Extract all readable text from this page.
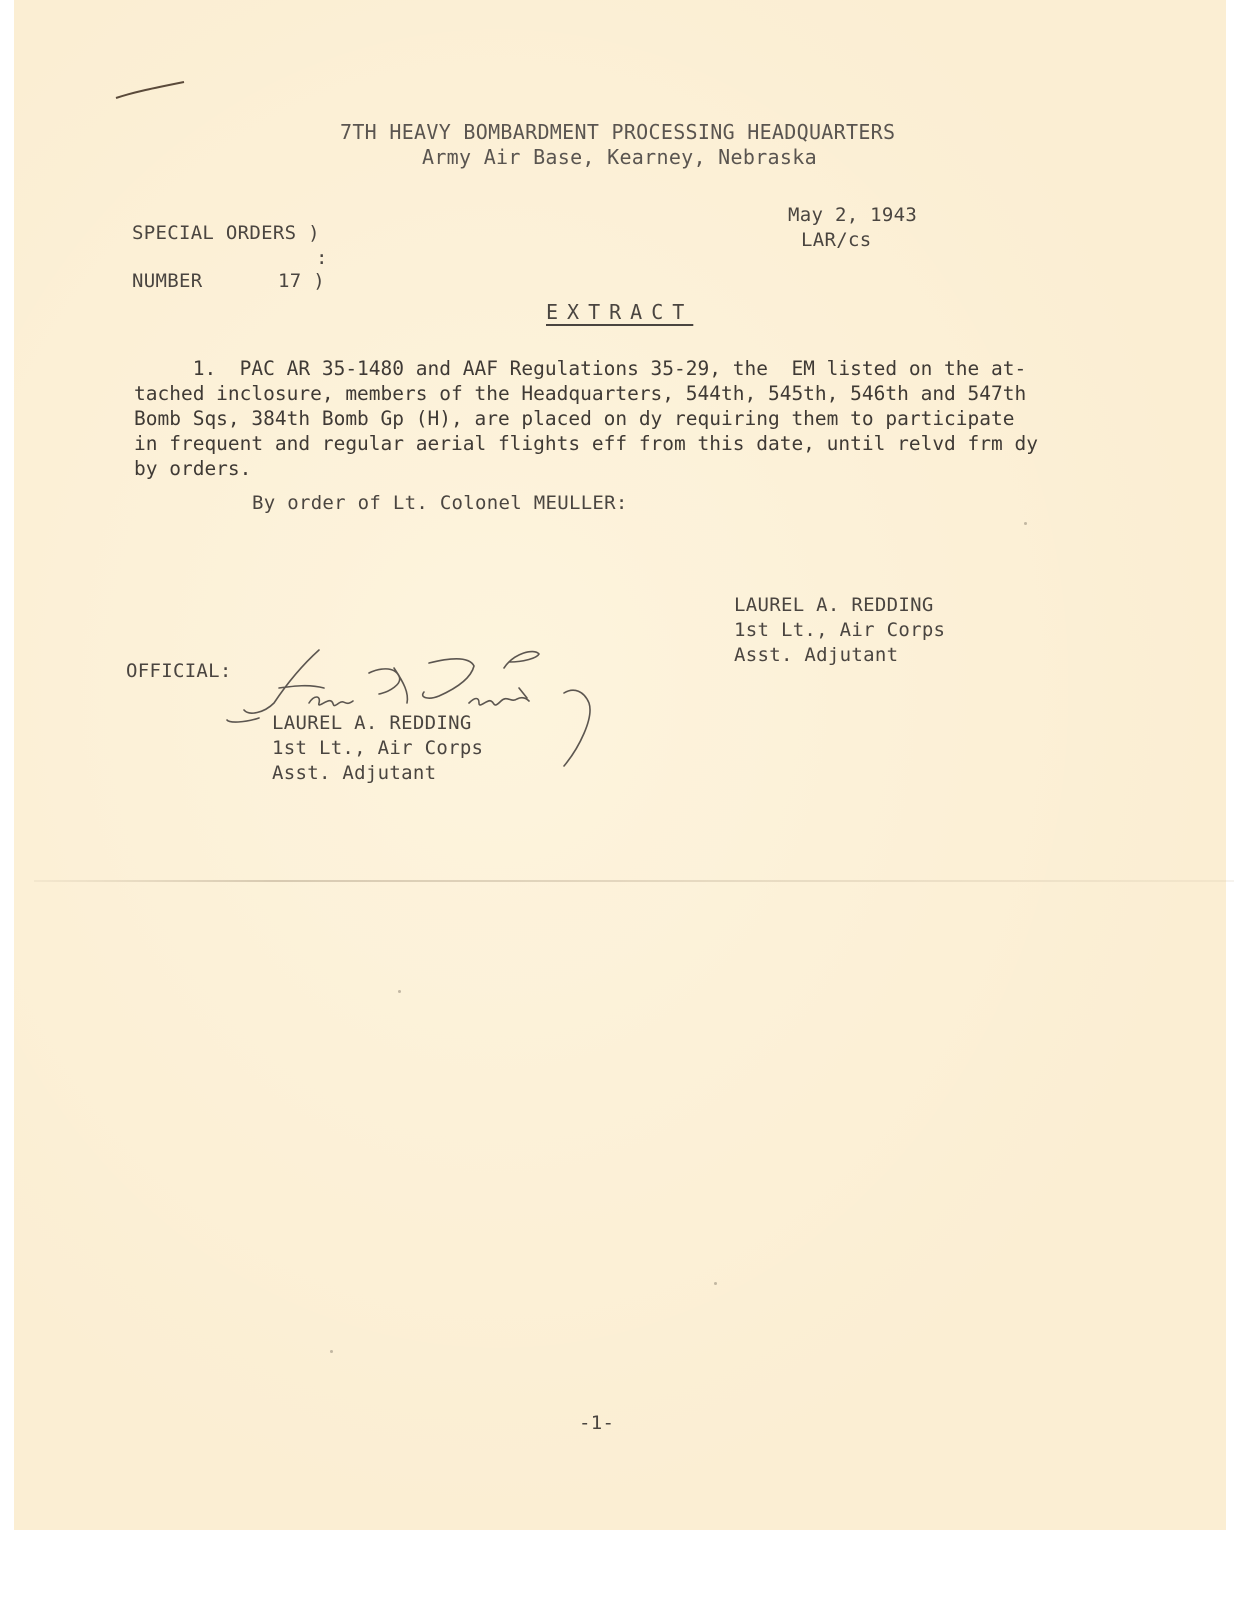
7TH HEAVY BOMBARDMENT PROCESSING HEADQUARTERS
Army Air Base, Kearney, Nebraska
May 2, 1943
LAR/cs
SPECIAL ORDERS )
:
NUMBER	17 )
EXTRACT
1.  PAC AR 35-1480 and AAF Regulations 35-29, the  EM listed on the at-
tached inclosure, members of the Headquarters, 544th, 545th, 546th and 547th
Bomb Sqs, 384th Bomb Gp (H), are placed on dy requiring them to participate
in frequent and regular aerial flights eff from this date, until relvd frm dy
by orders.
By order of Lt. Colonel MEULLER:
LAUREL A. REDDING
1st Lt., Air Corps
Asst. Adjutant
OFFICIAL:
LAUREL A. REDDING
1st Lt., Air Corps
Asst. Adjutant
-1-
